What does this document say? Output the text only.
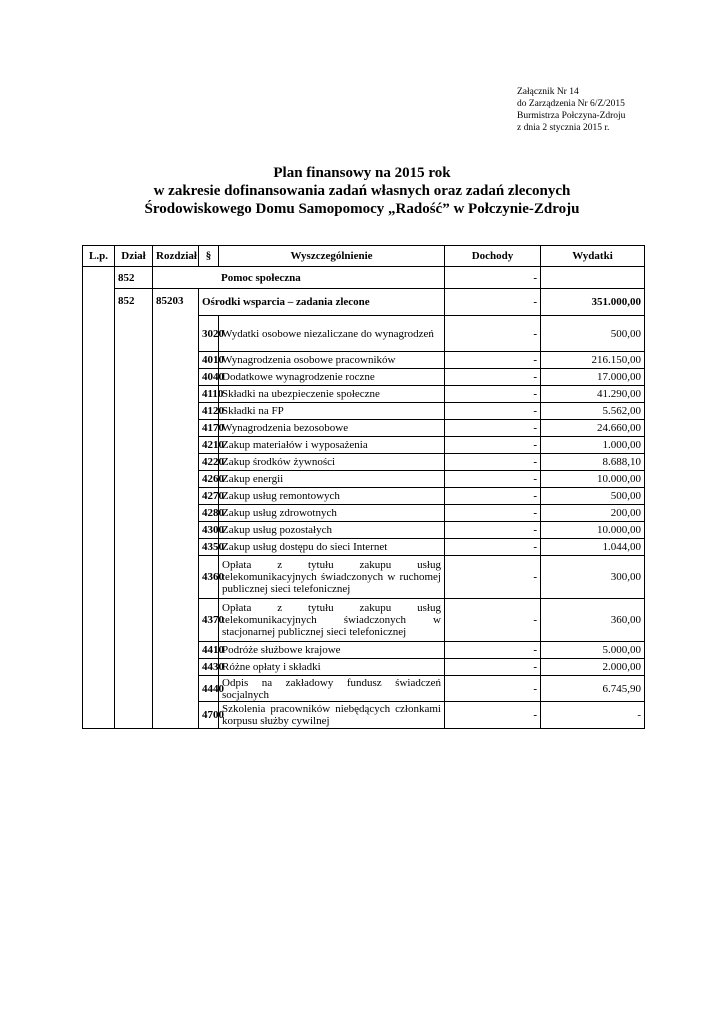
Załącznik Nr 14
do Zarządzenia Nr 6/Z/2015
Burmistrza Połczyna-Zdroju
z dnia 2 stycznia 2015 r.
Plan finansowy na 2015 rok
w zakresie dofinansowania zadań własnych oraz zadań zleconych
Środowiskowego Domu Samopomocy „Radość” w Połczynie-Zdroju
L.p.	Dział	Rozdział	§	Wyszczególnienie	Dochody	Wydatki
	852	Pomoc społeczna			-	
	852	85203	Ośrodki wsparcia – zadania zlecone		-	351.000,00
			3020	Wydatki osobowe niezaliczane do wynagrodzeń	-	500,00
			4010	Wynagrodzenia osobowe pracowników	-	216.150,00
			4040	Dodatkowe wynagrodzenie roczne	-	17.000,00
			4110	Składki na ubezpieczenie społeczne	-	41.290,00
			4120	Składki na FP	-	5.562,00
			4170	Wynagrodzenia bezosobowe	-	24.660,00
			4210	Zakup materiałów i wyposażenia	-	1.000,00
			4220	Zakup środków żywności	-	8.688,10
			4260	Zakup energii	-	10.000,00
			4270	Zakup usług remontowych	-	500,00
			4280	Zakup usług zdrowotnych	-	200,00
			4300	Zakup usług pozostałych	-	10.000,00
			4350	Zakup usług dostępu do sieci Internet	-	1.044,00
			4360	Opłata z tytułu zakupu usług telekomunikacyjnych świadczonych w ruchomej publicznej sieci telefonicznej	-	300,00
			4370	Opłata z tytułu zakupu usług telekomunikacyjnych świadczonych w stacjonarnej publicznej sieci telefonicznej	-	360,00
			4410	Podróże służbowe krajowe	-	5.000,00
			4430	Różne opłaty i składki	-	2.000,00
			4440	Odpis na zakładowy fundusz świadczeń socjalnych	-	6.745,90
			4700	Szkolenia pracowników niebędących członkami korpusu służby cywilnej	-	-
